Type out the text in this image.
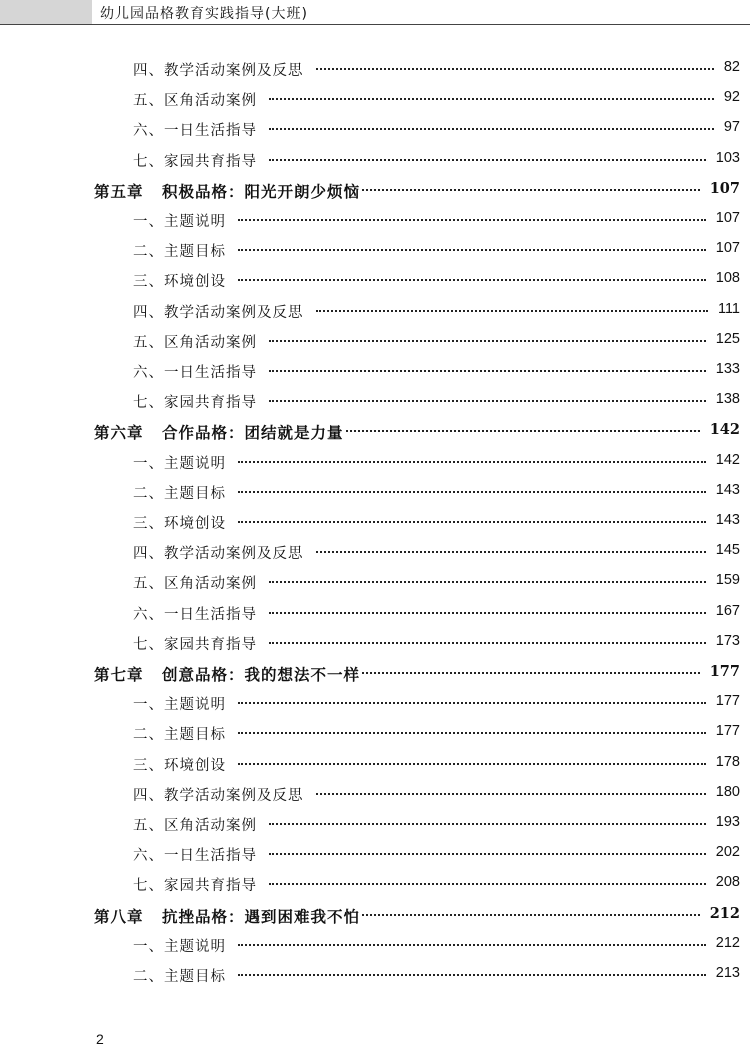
幼儿园品格教育实践指导(大班)
四、教学活动案例及反思	82
五、区角活动案例	92
六、一日生活指导	97
七、家园共育指导	103
第五章 积极品格：阳光开朗少烦恼	107
一、主题说明	107
二、主题目标	107
三、环境创设	108
四、教学活动案例及反思	111
五、区角活动案例	125
六、一日生活指导	133
七、家园共育指导	138
第六章 合作品格：团结就是力量	142
一、主题说明	142
二、主题目标	143
三、环境创设	143
四、教学活动案例及反思	145
五、区角活动案例	159
六、一日生活指导	167
七、家园共育指导	173
第七章 创意品格：我的想法不一样	177
一、主题说明	177
二、主题目标	177
三、环境创设	178
四、教学活动案例及反思	180
五、区角活动案例	193
六、一日生活指导	202
七、家园共育指导	208
第八章 抗挫品格：遇到困难我不怕	212
一、主题说明	212
二、主题目标	213
2
